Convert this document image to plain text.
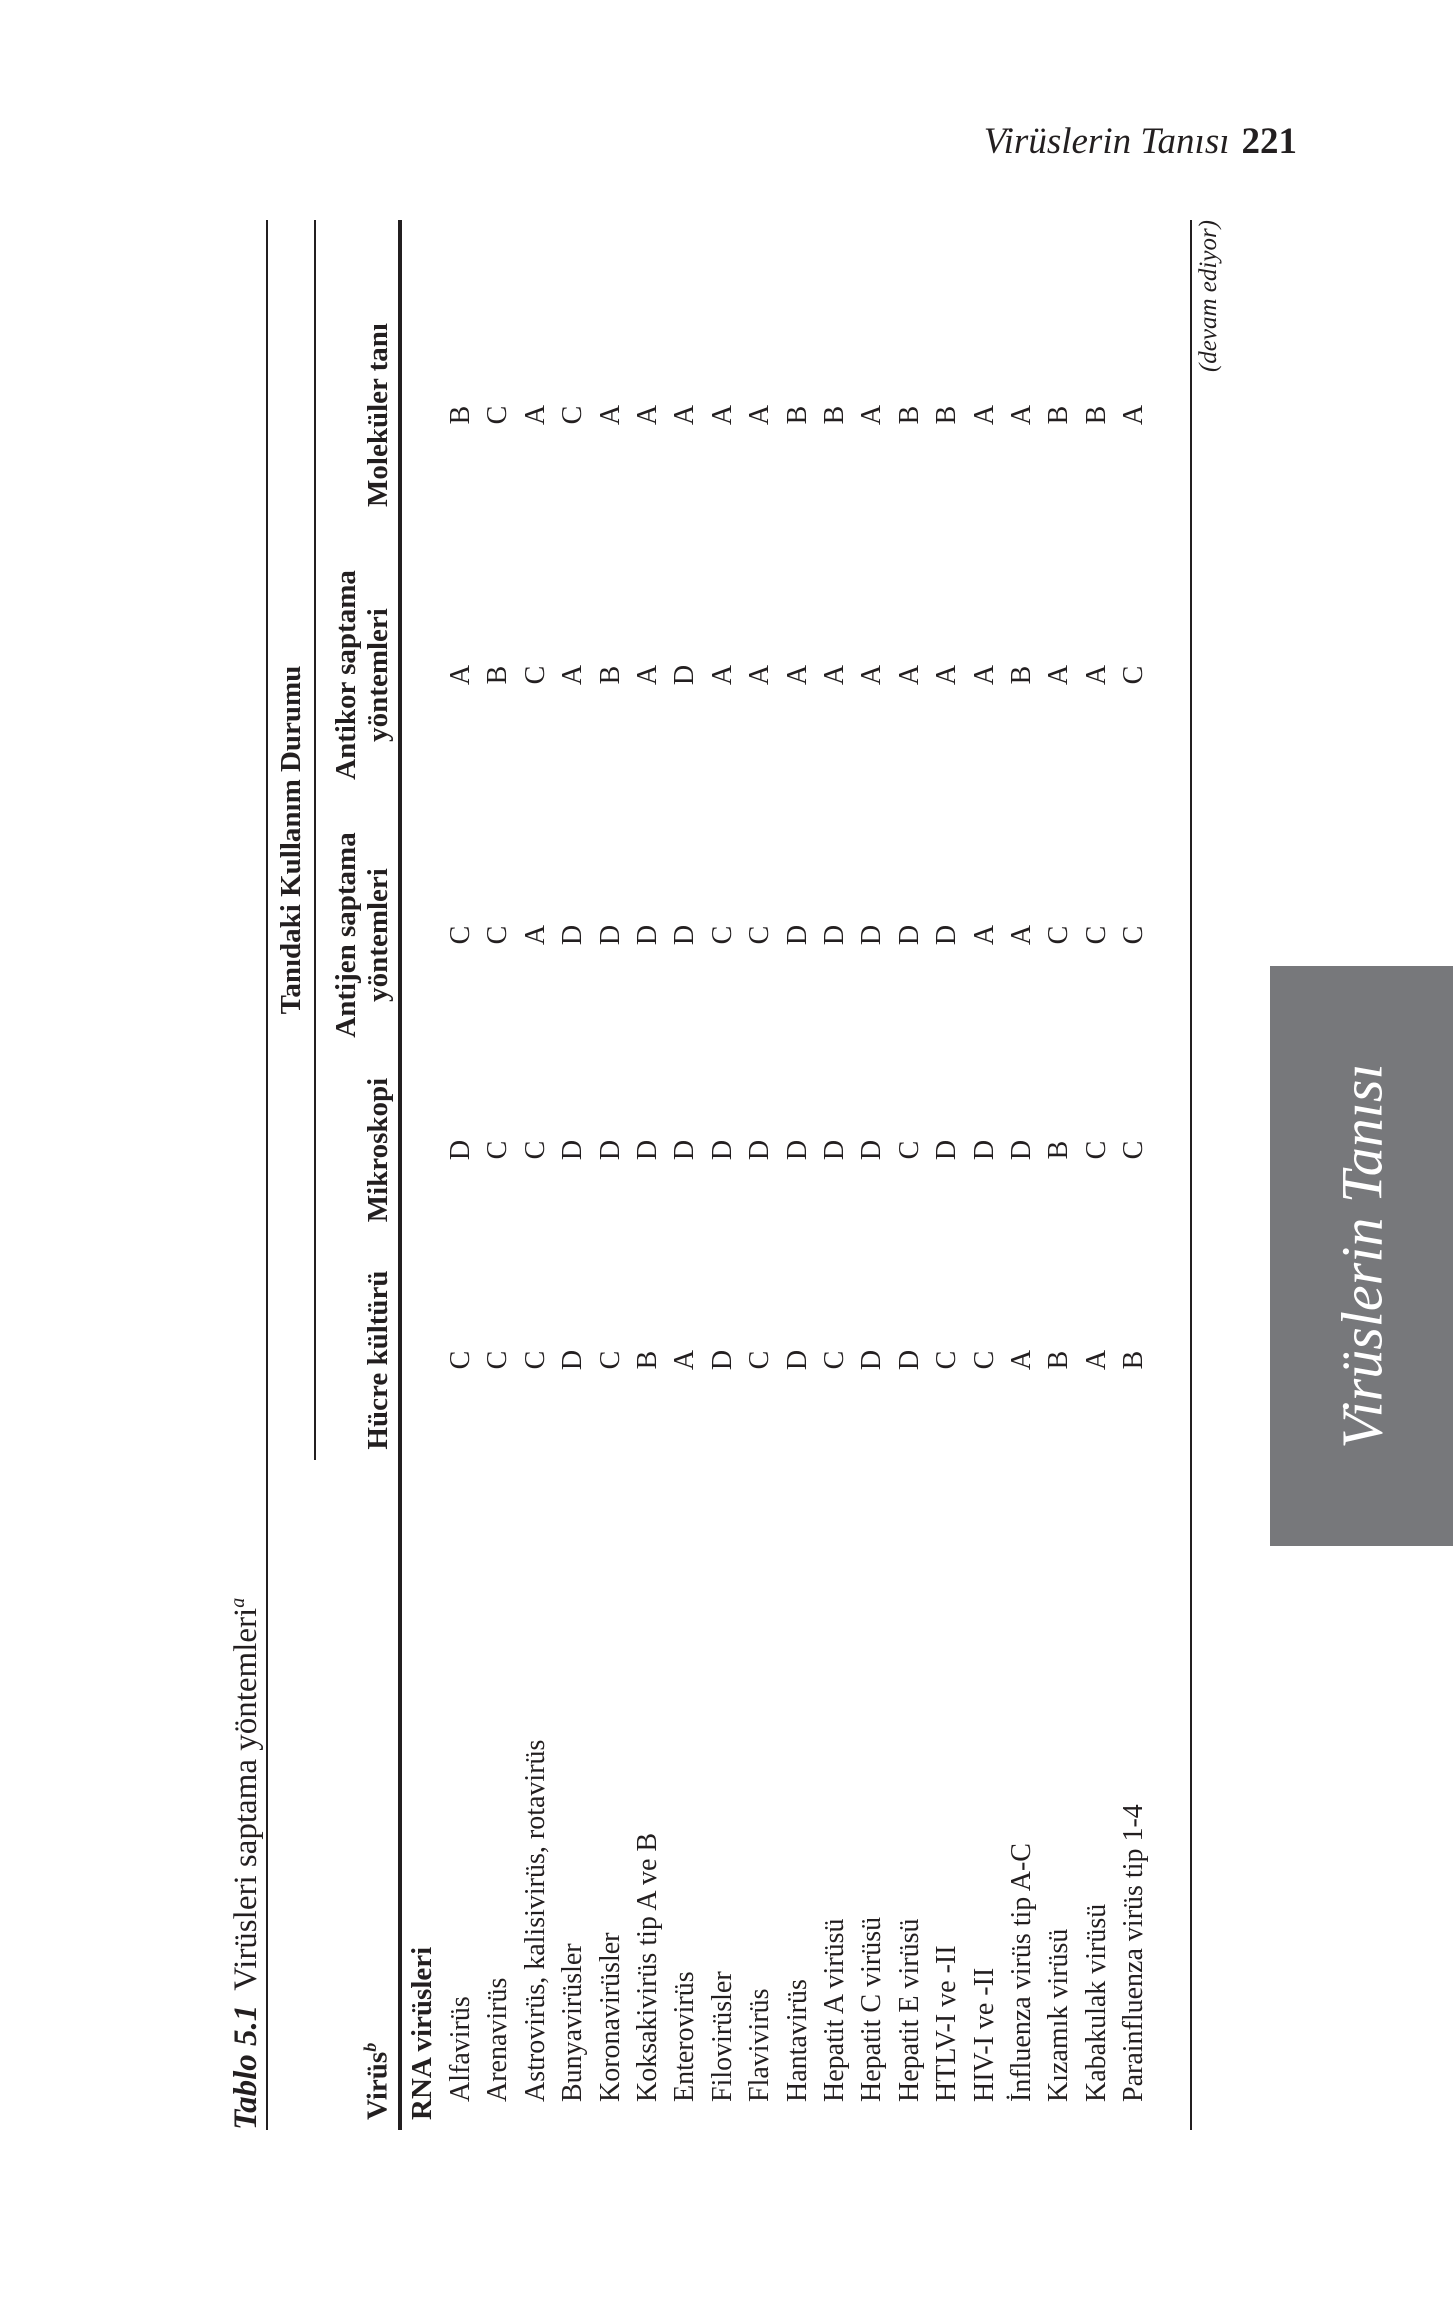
Virüslerin Tanısı 221
Virüslerin Tanısı
Tablo 5.1Virüsleri saptama yöntemleri$^a$
Tanıdaki Kullanım Durumu
Virüs$^b$
Hücre kültürü
Mikroskopi
Antijen saptama yöntemleri
Antikor saptama yöntemleri
Moleküler tanı
RNA virüsleri Alfavirüs
C
D
C
A
B
Arenavirüs
C
C
C
B
C
Astrovirüs, kalisivirüs, rotavirüs
C
C
A
C
A
Bunyavirüsler
D
D
D
A
C
Koronavirüsler
C
D
D
B
A
Koksakivirüs tip A ve B
B
D
D
A
A
Enterovirüs
A
D
D
D
A
Filovirüsler
D
D
C
A
A
Flavivirüs
C
D
C
A
A
Hantavirüs
D
D
D
A
B
Hepatit A virüsü
C
D
D
A
B
Hepatit C virüsü
D
D
D
A
A
Hepatit E virüsü
D
C
D
A
B
HTLV-I ve -II
C
D
D
A
B
HIV-I ve -II
C
D
A
A
A
İnfluenza virüs tip A-C
A
D
A
B
A
Kızamık virüsü
B
B
C
A
B
Kabakulak virüsü
A
C
C
A
B
Parainfluenza virüs tip 1-4
B
C
C
C
A
(devam ediyor)
